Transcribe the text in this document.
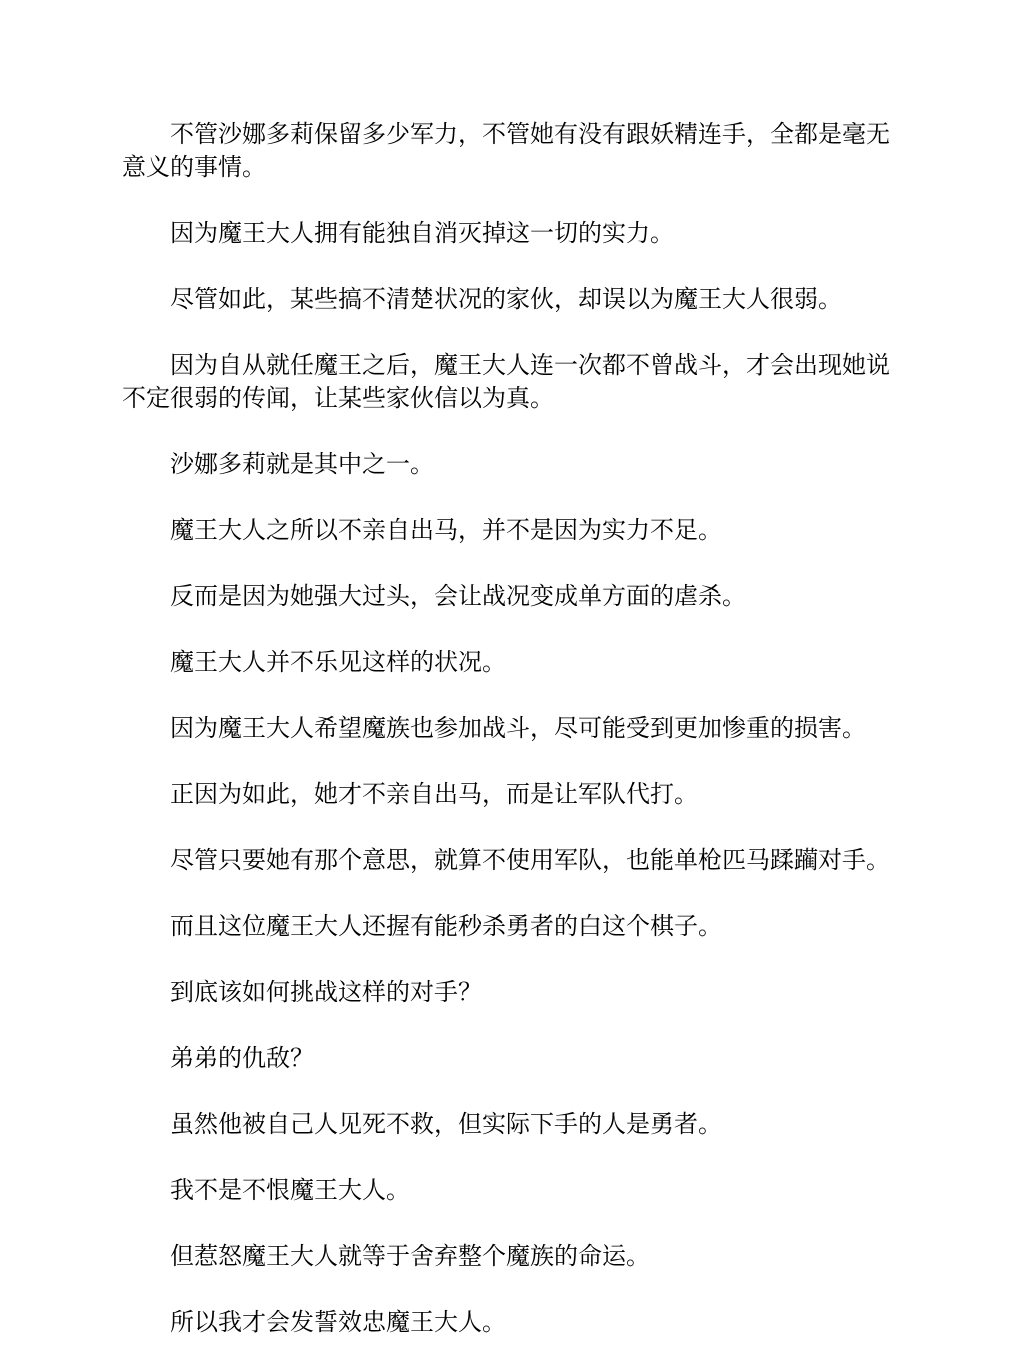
不管沙娜多莉保留多少军力，不管她有没有跟妖精连手，全都是毫无意义的事情。

因为魔王大人拥有能独自消灭掉这一切的实力。

尽管如此，某些搞不清楚状况的家伙，却误以为魔王大人很弱。

因为自从就任魔王之后，魔王大人连一次都不曾战斗，才会出现她说不定很弱的传闻，让某些家伙信以为真。

沙娜多莉就是其中之一。

魔王大人之所以不亲自出马，并不是因为实力不足。

反而是因为她强大过头，会让战况变成单方面的虐杀。

魔王大人并不乐见这样的状况。

因为魔王大人希望魔族也参加战斗，尽可能受到更加惨重的损害。

正因为如此，她才不亲自出马，而是让军队代打。

尽管只要她有那个意思，就算不使用军队，也能单枪匹马蹂躏对手。

而且这位魔王大人还握有能秒杀勇者的白这个棋子。

到底该如何挑战这样的对手？

弟弟的仇敌？

虽然他被自己人见死不救，但实际下手的人是勇者。

我不是不恨魔王大人。

但惹怒魔王大人就等于舍弃整个魔族的命运。

所以我才会发誓效忠魔王大人。
